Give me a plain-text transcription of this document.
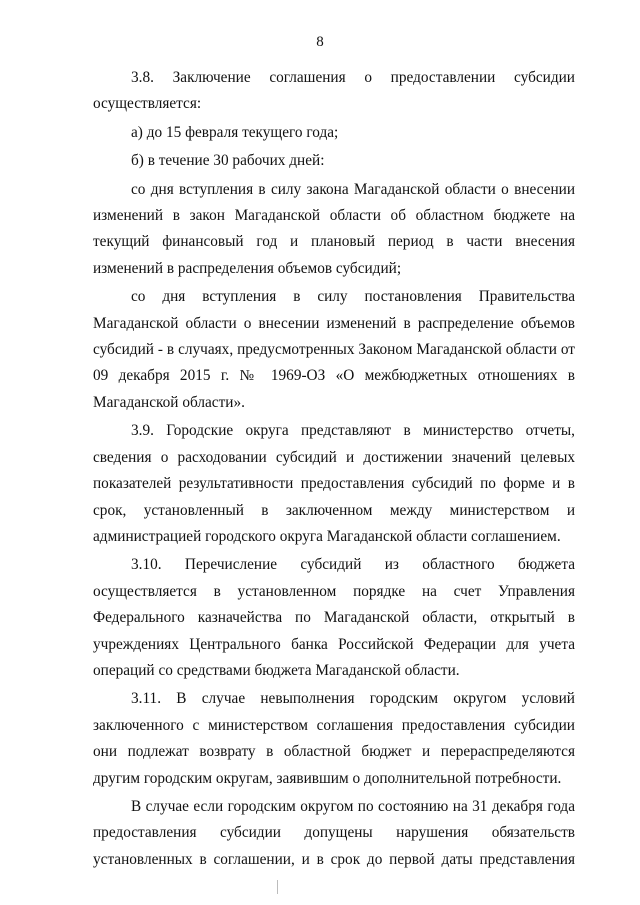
8

3.8. Заключение соглашения о предоставлении субсидии осуществляется:

а) до 15 февраля текущего года;

б) в течение 30 рабочих дней:

со дня вступления в силу закона Магаданской области о внесении изменений в закон Магаданской области об областном бюджете на текущий финансовый год и плановый период в части внесения изменений в распределения объемов субсидий;

со дня вступления в силу постановления Правительства Магаданской области о внесении изменений в распределение объемов субсидий - в случаях, предусмотренных Законом Магаданской области от 09 декабря 2015 г. № 1969-ОЗ «О межбюджетных отношениях в Магаданской области».

3.9. Городские округа представляют в министерство отчеты, сведения о расходовании субсидий и достижении значений целевых показателей результативности предоставления субсидий по форме и в срок, установленный в заключенном между министерством и администрацией городского округа Магаданской области соглашением.

3.10. Перечисление субсидий из областного бюджета осуществляется в установленном порядке на счет Управления Федерального казначейства по Магаданской области, открытый в учреждениях Центрального банка Российской Федерации для учета операций со средствами бюджета Магаданской области.

3.11. В случае невыполнения городским округом условий заключенного с министерством соглашения предоставления субсидии они подлежат возврату в областной бюджет и перераспределяются другим городским округам, заявившим о дополнительной потребности.

В случае если городским округом по состоянию на 31 декабря года предоставления субсидии допущены нарушения обязательств установленных в соглашении, и в срок до первой даты представления
